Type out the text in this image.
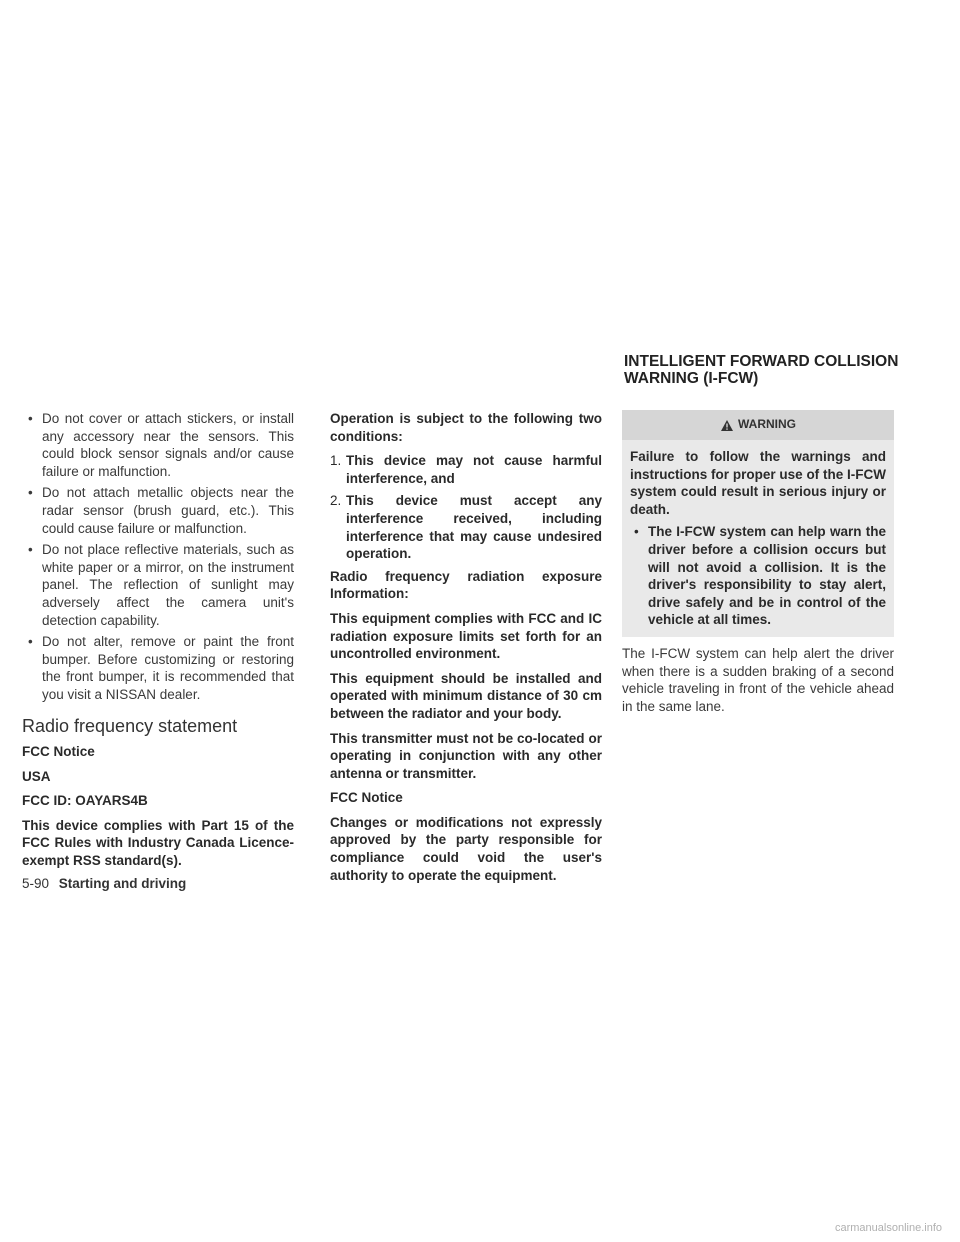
• Do not cover or attach stickers, or install any accessory near the sensors. This could block sensor signals and/or cause failure or malfunction.
• Do not attach metallic objects near the radar sensor (brush guard, etc.). This could cause failure or malfunction.
• Do not place reflective materials, such as white paper or a mirror, on the instrument panel. The reflection of sunlight may adversely affect the camera unit's detection capability.
• Do not alter, remove or paint the front bumper. Before customizing or restoring the front bumper, it is recommended that you visit a NISSAN dealer.
Radio frequency statement

FCC Notice

USA

FCC ID: OAYARS4B

This device complies with Part 15 of the FCC Rules with Industry Canada Licence-exempt RSS standard(s).

Operation is subject to the following two conditions:

1. This device may not cause harmful interference, and
2. This device must accept any interference received, including interference that may cause undesired operation.

Radio frequency radiation exposure Information:

This equipment complies with FCC and IC radiation exposure limits set forth for an uncontrolled environment.

This equipment should be installed and operated with minimum distance of 30 cm between the radiator and your body.

This transmitter must not be co-located or operating in conjunction with any other antenna or transmitter.

FCC Notice

Changes or modifications not expressly approved by the party responsible for compliance could void the user's authority to operate the equipment.

INTELLIGENT FORWARD COLLISION WARNING (I-FCW)
WARNING

Failure to follow the warnings and instructions for proper use of the I-FCW system could result in serious injury or death.

• The I-FCW system can help warn the driver before a collision occurs but will not avoid a collision. It is the driver's responsibility to stay alert, drive safely and be in control of the vehicle at all times.

The I-FCW system can help alert the driver when there is a sudden braking of a second vehicle traveling in front of the vehicle ahead in the same lane.

5-90 Starting and driving
carmanualsonline.info
